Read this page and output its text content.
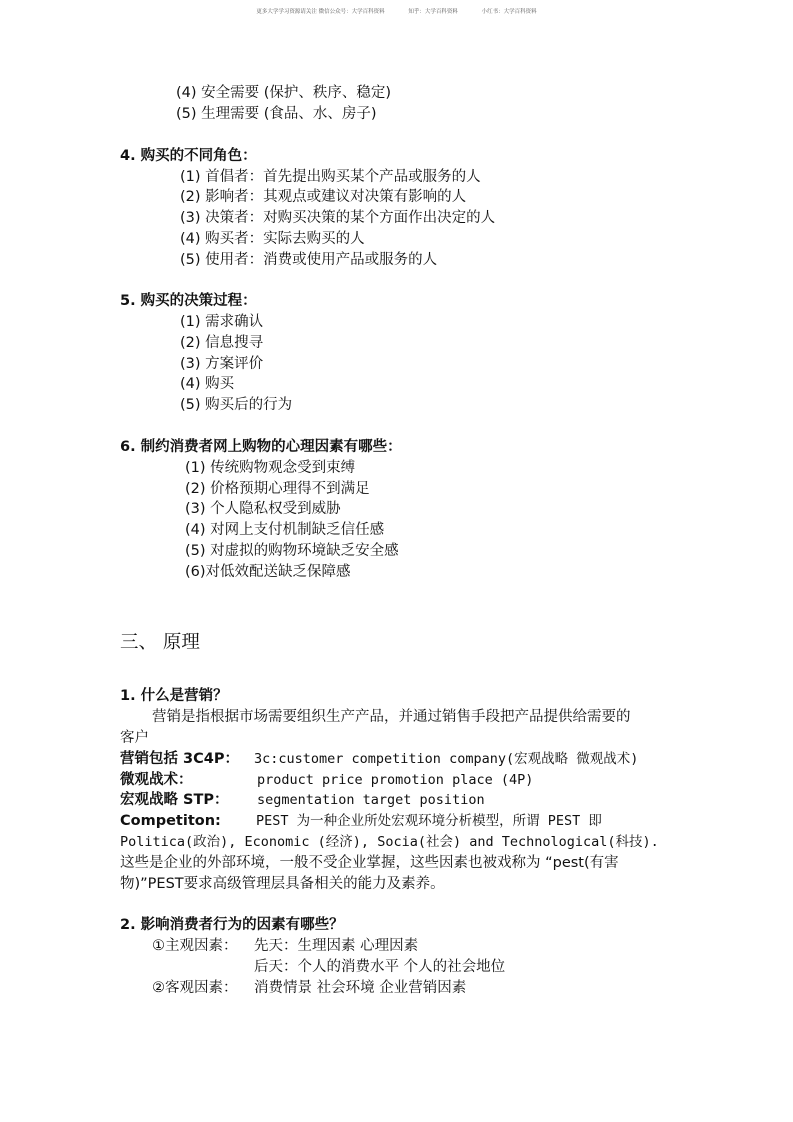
更多大学学习资源请关注 微信公众号：大学百科资料	知乎：大学百科资料	小红书：大学百科资料
(4) 安全需要 (保护、秩序、稳定)
(5) 生理需要 (食品、水、房子)
4. 购买的不同角色：
(1) 首倡者：首先提出购买某个产品或服务的人
(2) 影响者：其观点或建议对决策有影响的人
(3) 决策者：对购买决策的某个方面作出决定的人
(4) 购买者：实际去购买的人
(5) 使用者：消费或使用产品或服务的人
5. 购买的决策过程：
(1) 需求确认
(2) 信息搜寻
(3) 方案评价
(4) 购买
(5) 购买后的行为
6. 制约消费者网上购物的心理因素有哪些：
(1) 传统购物观念受到束缚
(2) 价格预期心理得不到满足
(3) 个人隐私权受到威胁
(4) 对网上支付机制缺乏信任感
(5) 对虚拟的购物环境缺乏安全感
(6)对低效配送缺乏保障感
三、 原理
1. 什么是营销？
营销是指根据市场需要组织生产产品，并通过销售手段把产品提供给需要的
客户
营销包括 3C4P： 3c:customer competition company(宏观战略 微观战术)
微观战术：	product price promotion place (4P)
宏观战略 STP： segmentation target position
Competiton:	PEST 为一种企业所处宏观环境分析模型，所谓 PEST 即
Politica(政治), Economic (经济), Socia(社会) and Technological(科技).
这些是企业的外部环境，一般不受企业掌握，这些因素也被戏称为 “pest(有害
物)”PEST要求高级管理层具备相关的能力及素养。
2. 影响消费者行为的因素有哪些？
①主观因素： 先天：生理因素 心理因素
后天：个人的消费水平 个人的社会地位
②客观因素： 消费情景 社会环境 企业营销因素
